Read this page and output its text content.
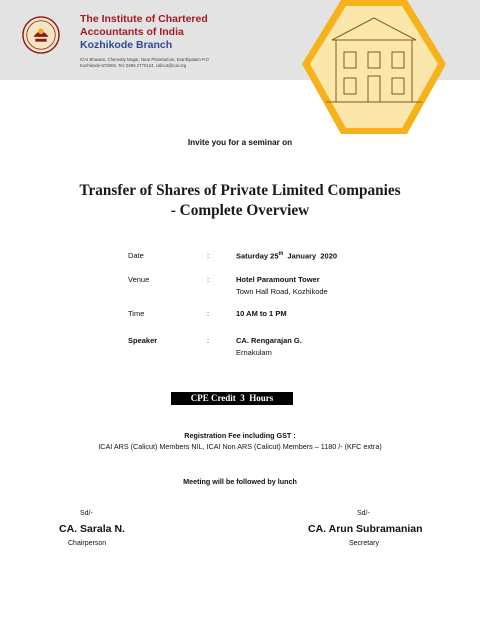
The Institute of Chartered
Accountants of India
Kozhikode Branch
ICAI Bhawan, Chemotty Nagar, Near Planetarium, Eranhipalam P.O
Kozhikode-673006. Tel: 0495 2770124, calicut@icai.org
Invite you for a seminar on
Transfer of Shares of Private Limited Companies
- Complete Overview
Date	:	Saturday 25th  January  2020
Venue	:	Hotel Paramount Tower
Town Hall Road, Kozhikode
Time	:	10 AM to 1 PM
Speaker	:	CA. Rengarajan G.
Ernakulam
CPE Credit  3  Hours
Registration Fee including GST :
ICAI ARS (Calicut) Members NIL, ICAI Non ARS (Calicut) Members – 1180 /- (KFC extra)
Meeting will be followed by lunch
Sd/-
CA. Sarala N.
Chairperson
Sd/-
CA. Arun Subramanian
Secretary
